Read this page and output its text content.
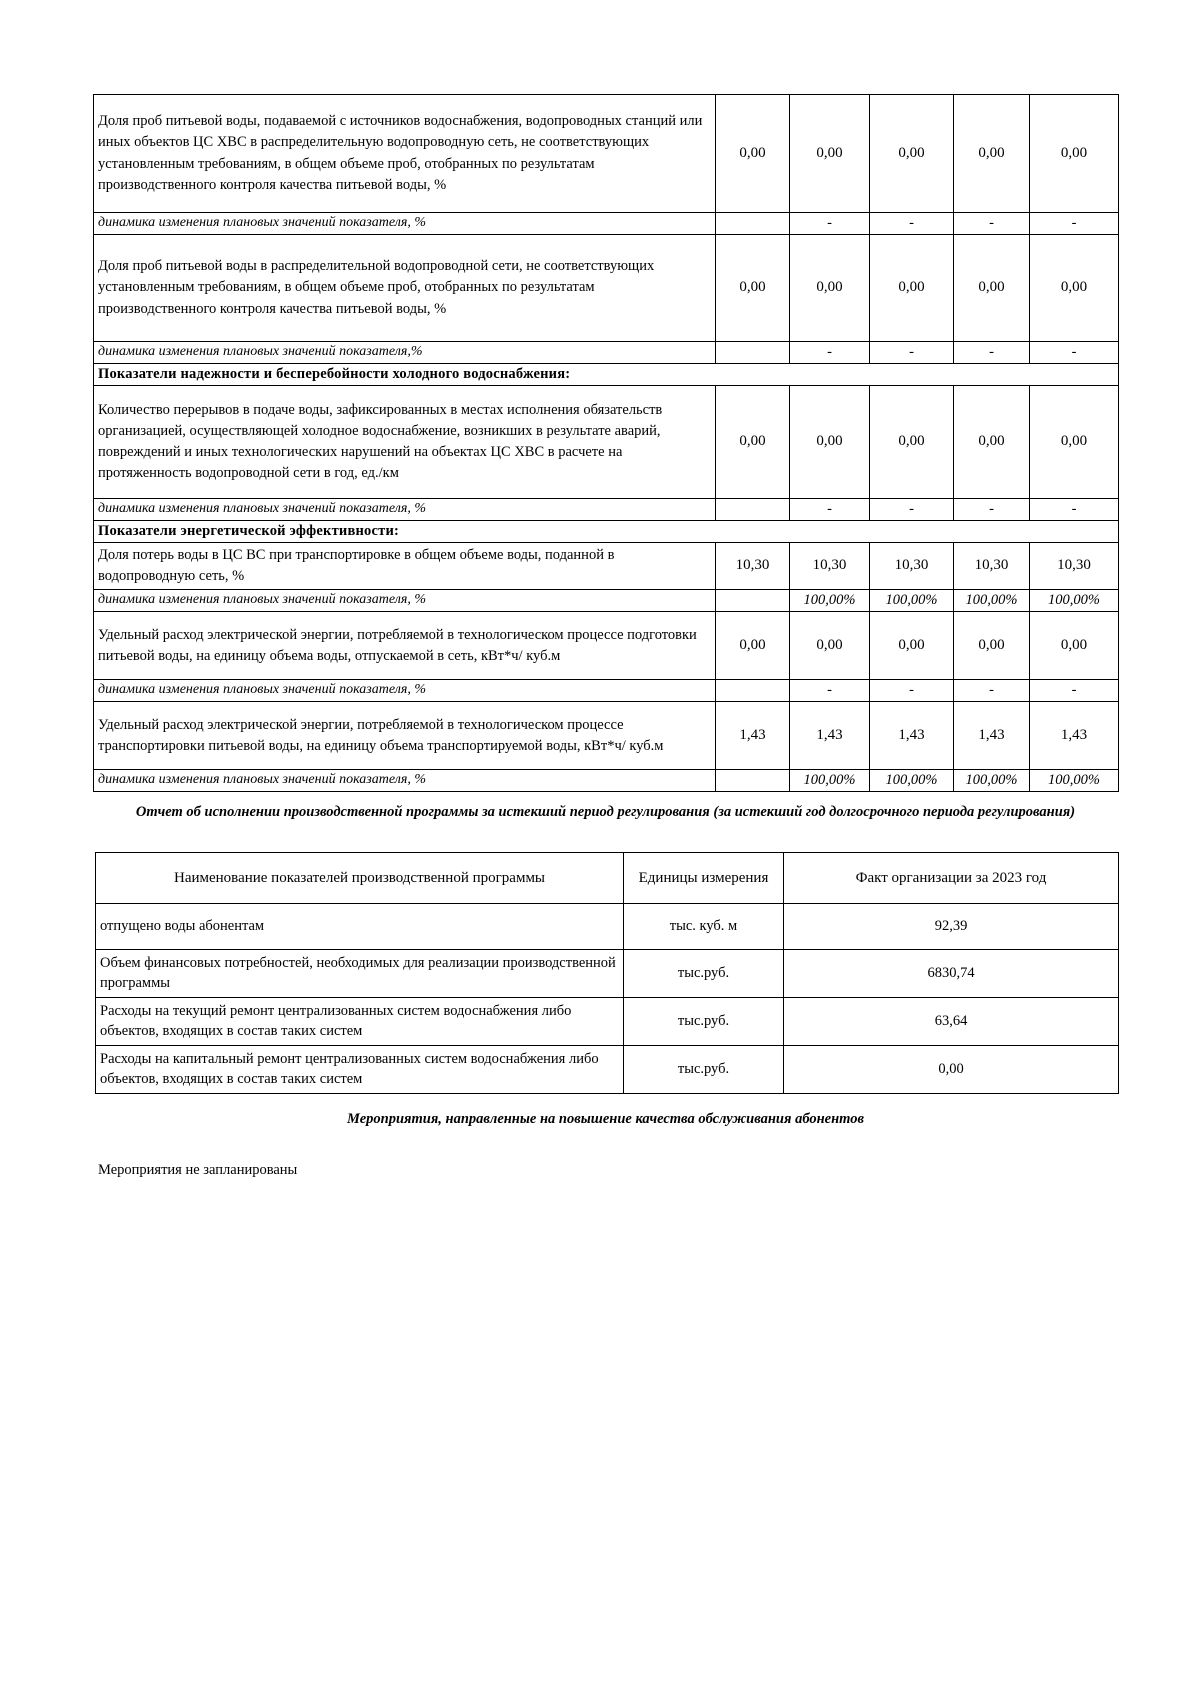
Доля проб питьевой воды, подаваемой с источников водоснабжения, водопроводных станций или иных объектов ЦС ХВС в распределительную водопроводную сеть, не соответствующих установленным требованиям, в общем объеме проб, отобранных по результатам производственного контроля качества питьевой воды, %	0,00	0,00	0,00	0,00	0,00
динамика изменения плановых значений показателя, %		-	-	-	-
Доля проб питьевой воды в распределительной водопроводной сети, не соответствующих установленным требованиям, в общем объеме проб, отобранных по результатам производственного контроля качества питьевой воды, %	0,00	0,00	0,00	0,00	0,00
динамика изменения плановых значений показателя,%		-	-	-	-
Показатели надежности и бесперебойности холодного водоснабжения:					
Количество перерывов в подаче воды, зафиксированных в местах исполнения обязательств организацией, осуществляющей холодное водоснабжение, возникших в результате аварий, повреждений и иных технологических нарушений на объектах ЦС ХВС в расчете на протяженность водопроводной сети в год, ед./км	0,00	0,00	0,00	0,00	0,00
динамика изменения плановых значений показателя, %		-	-	-	-
Показатели энергетической эффективности:					
Доля потерь воды в ЦС ВС при транспортировке в общем объеме воды, поданной в водопроводную сеть, %	10,30	10,30	10,30	10,30	10,30
динамика изменения плановых значений показателя, %		100,00%	100,00%	100,00%	100,00%
Удельный расход электрической энергии, потребляемой в технологическом процессе подготовки питьевой воды, на единицу объема воды, отпускаемой в сеть, кВт*ч/ куб.м	0,00	0,00	0,00	0,00	0,00
динамика изменения плановых значений показателя, %		-	-	-	-
Удельный расход электрической энергии, потребляемой в технологическом процессе транспортировки питьевой воды, на единицу объема транспортируемой воды, кВт*ч/ куб.м	1,43	1,43	1,43	1,43	1,43
динамика изменения плановых значений показателя, %		100,00%	100,00%	100,00%	100,00%
Отчет об исполнении производственной программы за истекший период регулирования (за истекший год долгосрочного периода регулирования)
Наименование показателей производственной программы	Единицы измерения	Факт организации за 2023 год
отпущено воды абонентам	тыс. куб. м	92,39
Объем финансовых потребностей, необходимых для реализации производственной программы	тыс.руб.	6830,74
Расходы на текущий ремонт централизованных систем водоснабжения либо объектов, входящих в состав таких систем	тыс.руб.	63,64
Расходы на капитальный ремонт централизованных систем водоснабжения либо объектов, входящих в состав таких систем	тыс.руб.	0,00
Мероприятия, направленные на повышение качества обслуживания абонентов
Мероприятия не запланированы
